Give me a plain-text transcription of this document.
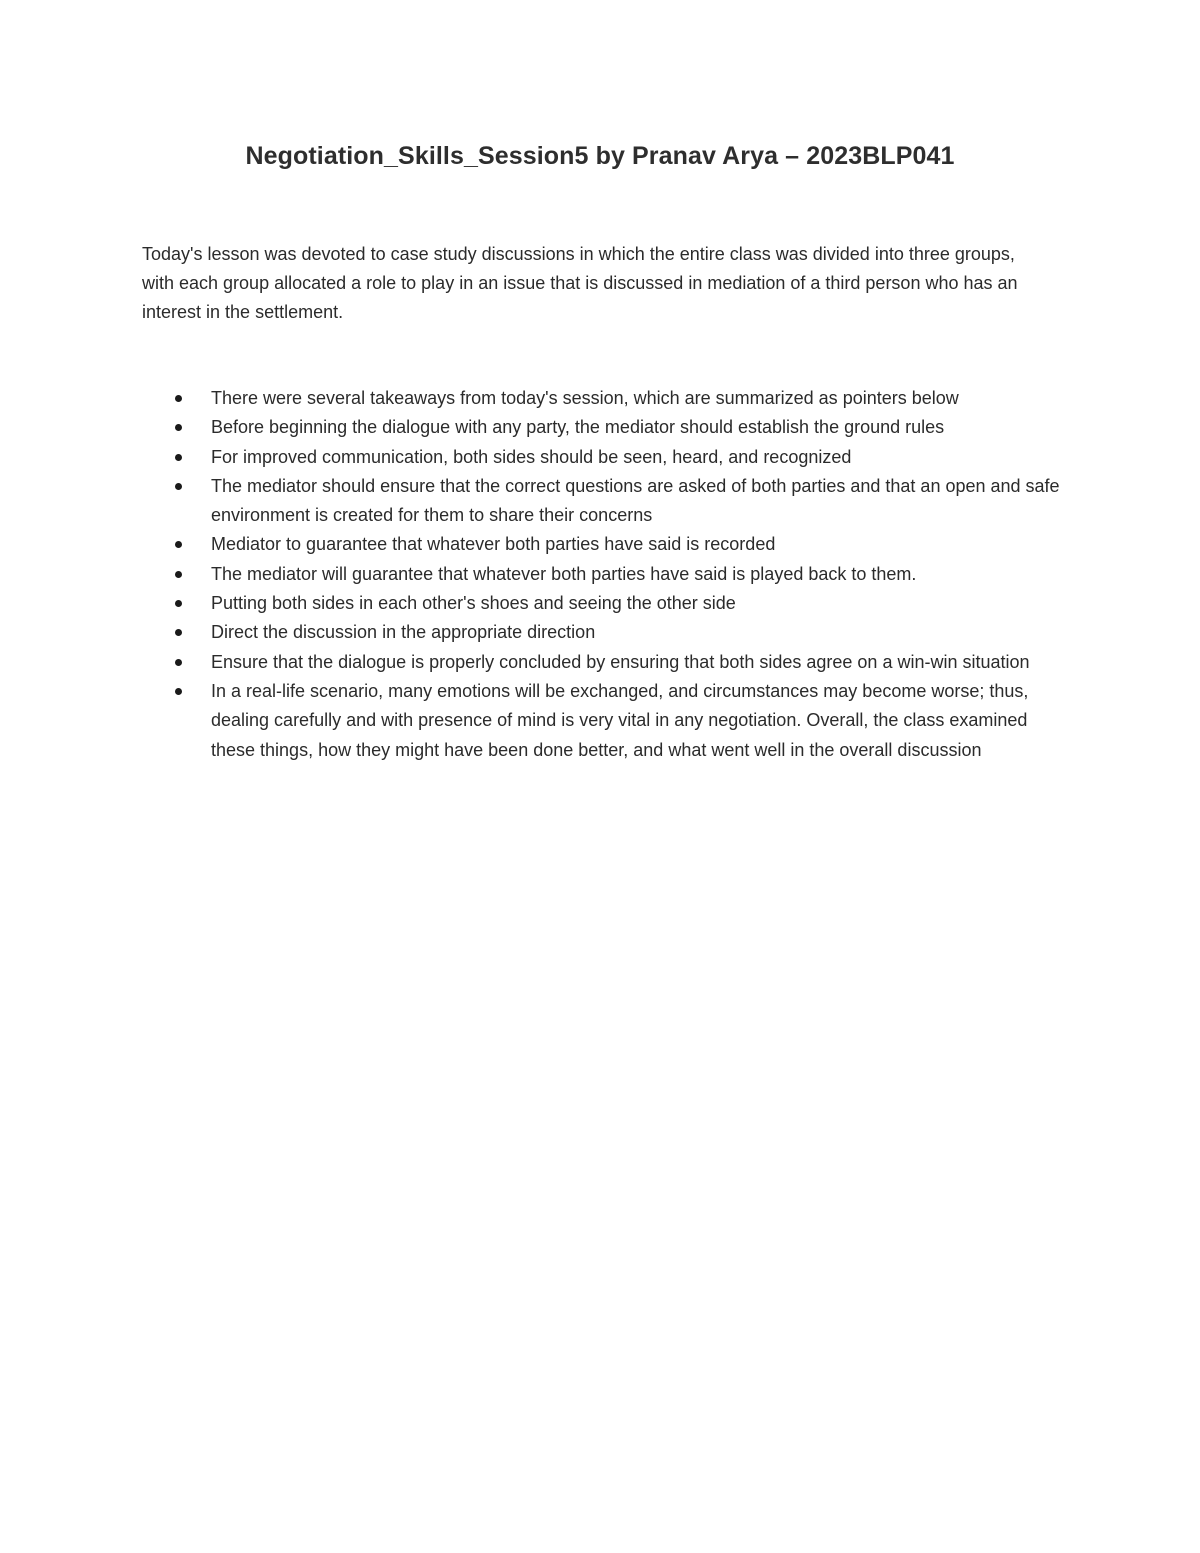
Negotiation_Skills_Session5 by Pranav Arya – 2023BLP041

Today's lesson was devoted to case study discussions in which the entire class was divided into three groups, with each group allocated a role to play in an issue that is discussed in mediation of a third person who has an interest in the settlement.

There were several takeaways from today's session, which are summarized as pointers below
Before beginning the dialogue with any party, the mediator should establish the ground rules
For improved communication, both sides should be seen, heard, and recognized
The mediator should ensure that the correct questions are asked of both parties and that an open and safe environment is created for them to share their concerns
Mediator to guarantee that whatever both parties have said is recorded
The mediator will guarantee that whatever both parties have said is played back to them.
Putting both sides in each other's shoes and seeing the other side
Direct the discussion in the appropriate direction
Ensure that the dialogue is properly concluded by ensuring that both sides agree on a win-win situation
In a real-life scenario, many emotions will be exchanged, and circumstances may become worse; thus, dealing carefully and with presence of mind is very vital in any negotiation. Overall, the class examined these things, how they might have been done better, and what went well in the overall discussion
